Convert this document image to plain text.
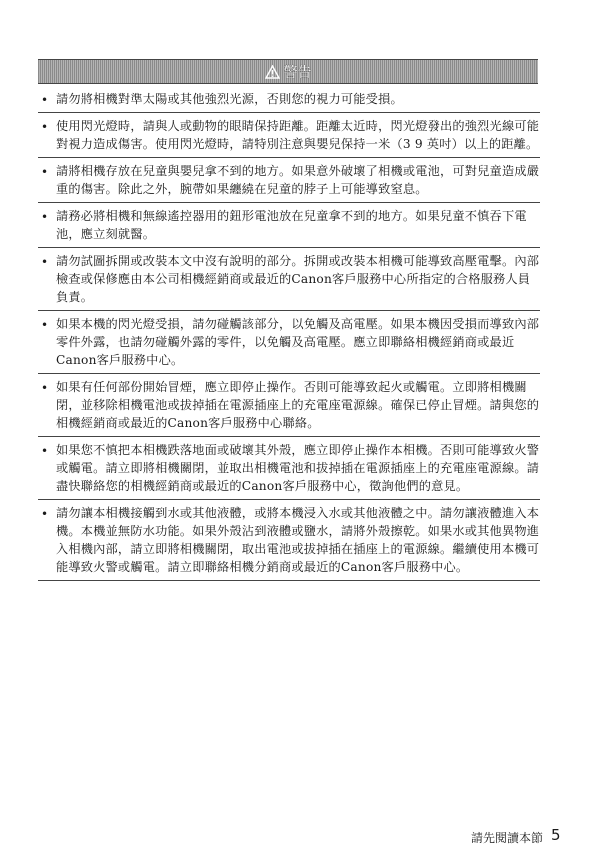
警告
• 請勿將相機對準太陽或其他強烈光源，否則您的視力可能受損。
• 使用閃光燈時，請與人或動物的眼睛保持距離。距離太近時，閃光燈發出的強烈光線可能對視力造成傷害。使用閃光燈時，請特別注意與嬰兒保持一米（3 9 英吋）以上的距離。
• 請將相機存放在兒童與嬰兒拿不到的地方。如果意外破壞了相機或電池，可對兒童造成嚴重的傷害。除此之外，腕帶如果纏繞在兒童的脖子上可能導致窒息。
• 請務必將相機和無線遙控器用的鈕形電池放在兒童拿不到的地方。如果兒童不慎吞下電池，應立刻就醫。
• 請勿試圖拆開或改裝本文中沒有說明的部分。拆開或改裝本相機可能導致高壓電擊。內部檢查或保修應由本公司相機經銷商或最近的Canon客戶服務中心所指定的合格服務人員負責。
• 如果本機的閃光燈受損，請勿碰觸該部分，以免觸及高電壓。如果本機因受損而導致內部零件外露，也請勿碰觸外露的零件，以免觸及高電壓。應立即聯絡相機經銷商或最近Canon客戶服務中心。
• 如果有任何部份開始冒煙，應立即停止操作。否則可能導致起火或觸電。立即將相機關閉，並移除相機電池或拔掉插在電源插座上的充電座電源線。確保已停止冒煙。請與您的相機經銷商或最近的Canon客戶服務中心聯絡。
• 如果您不慎把本相機跌落地面或破壞其外殼，應立即停止操作本相機。否則可能導致火警或觸電。請立即將相機關閉，並取出相機電池和拔掉插在電源插座上的充電座電源線。請盡快聯絡您的相機經銷商或最近的Canon客戶服務中心，徵詢他們的意見。
• 請勿讓本相機接觸到水或其他液體，或將本機浸入水或其他液體之中。請勿讓液體進入本機。本機並無防水功能。如果外殼沾到液體或鹽水，請將外殼擦乾。如果水或其他異物進入相機內部，請立即將相機關閉，取出電池或拔掉插在插座上的電源線。繼續使用本機可能導致火警或觸電。請立即聯絡相機分銷商或最近的Canon客戶服務中心。
請先閱讀本節 5
